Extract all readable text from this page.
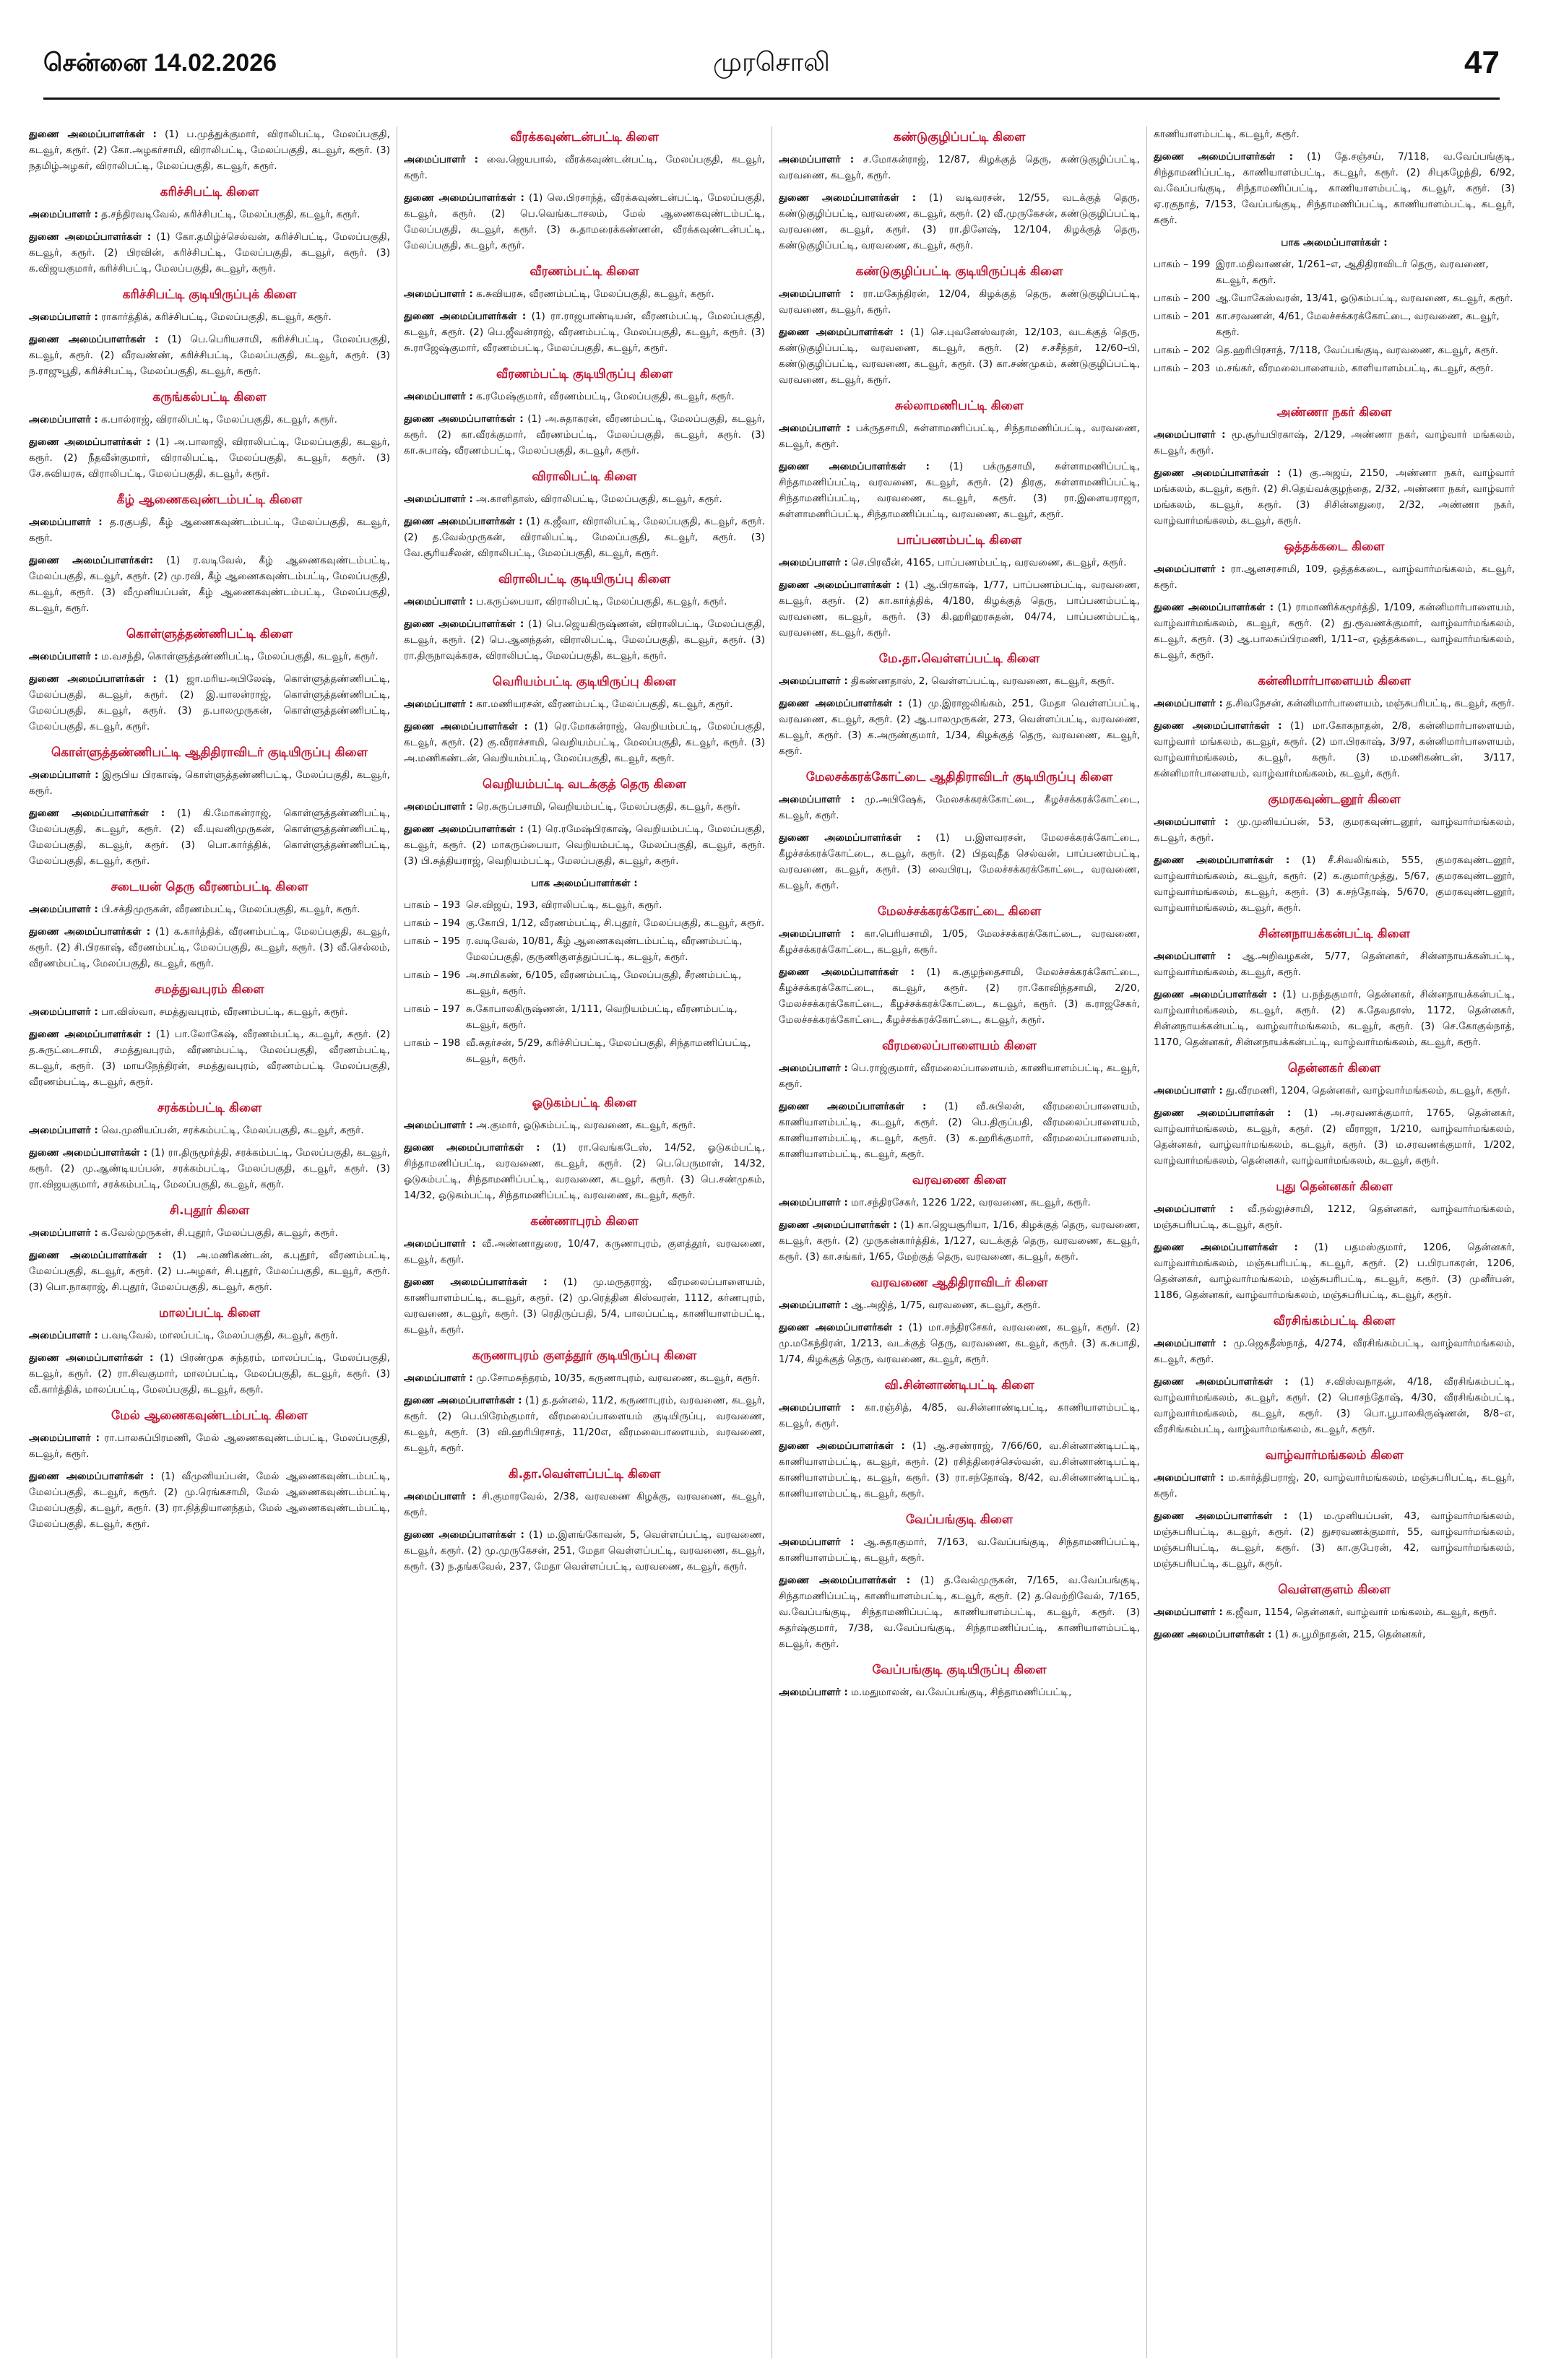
சென்னை 14.02.2026	முரசொலி	47
துணை அமைப்பாளர்கள் : (1) ப.முத்துக்குமார், விராலிபட்டி, மேலப்பகுதி, கடவூர், கரூர். (2) கோ.அழகர்சாமி, விராலிபட்டி, மேலப்பகுதி, கடவூர், கரூர். (3) நதமிழ்அழகர், விராலிபட்டி, மேலப்பகுதி, கடவூர், கரூர்.
கரிச்சிபட்டி கிளை
அமைப்பாளர் : த.சந்திரவடிவேல், கரிச்சிபட்டி, மேலப்பகுதி, கடவூர், கரூர்.
துணை அமைப்பாளர்கள் : (1) கோ.தமிழ்ச்செல்வன், கரிச்சிபட்டி, மேலப்பகுதி, கடவூர், கரூர். (2) பிரவின், கரிச்சிபட்டி, மேலப்பகுதி, கடவூர், கரூர். (3) க.விஜயகுமார், கரிச்சிபட்டி, மேலப்பகுதி, கடவூர், கரூர்.
கரிச்சிபட்டி குடியிருப்புக் கிளை
அமைப்பாளர் : ராகார்த்திக், கரிச்சிபட்டி, மேலப்பகுதி, கடவூர், கரூர்.
துணை அமைப்பாளர்கள் : (1) பெ.பெரியசாமி, கரிச்சிபட்டி, மேலப்பகுதி, கடவூர், கரூர். (2) வீரவண்ண், கரிச்சிபட்டி, மேலப்பகுதி, கடவூர், கரூர். (3) ந.ராஜுபூதி, கரிச்சிபட்டி, மேலப்பகுதி, கடவூர், கரூர்.
கருங்கல்பட்டி கிளை
அமைப்பாளர் : க.பால்ராஜ், விராலிபட்டி, மேலப்பகுதி, கடவூர், கரூர்.
துணை அமைப்பாளர்கள் : (1) அ.பாலாஜி, விராலிபட்டி, மேலப்பகுதி, கடவூர், கரூர். (2) நீதவீன்குமார், விராலிபட்டி, மேலப்பகுதி, கடவூர், கரூர். (3) சே.சுவியரசு, விராலிபட்டி, மேலப்பகுதி, கடவூர், கரூர்.
கீழ் ஆணைகவுண்டம்பட்டி கிளை
அமைப்பாளர் : த.ரகுபதி, கீழ் ஆணைகவுண்டம்பட்டி, மேலப்பகுதி, கடவூர், கரூர்.
துணை அமைப்பாளர்கள்: (1) ர.வடிவேல், கீழ் ஆணைகவுண்டம்பட்டி, மேலப்பகுதி, கடவூர், கரூர். (2) மு.ரவி, கீழ் ஆணைகவுண்டம்பட்டி, மேலப்பகுதி, கடவூர், கரூர். (3) வீமுனியப்பன், கீழ் ஆணைகவுண்டம்பட்டி, மேலப்பகுதி, கடவூர், கரூர்.
கொள்ளுத்தண்ணிபட்டி கிளை
அமைப்பாளர் : ம.வசந்தி, கொள்ளுத்தண்ணிபட்டி, மேலப்பகுதி, கடவூர், கரூர்.
துணை அமைப்பாளர்கள் : (1) ஜா.மரியஅபிலேஷ், கொள்ளுத்தண்ணிபட்டி, மேலப்பகுதி, கடவூர், கரூர். (2) இ.யாலன்ராஜ், கொள்ளுத்தண்ணிபட்டி, மேலப்பகுதி, கடவூர், கரூர். (3) த.பாலமுருகன், கொள்ளுத்தண்ணிபட்டி, மேலப்பகுதி, கடவூர், கரூர்.
கொள்ளுத்தண்ணிபட்டி ஆதிதிராவிடர் குடியிருப்பு கிளை
அமைப்பாளர் : இரூபிய பிரகாஷ், கொள்ளுத்தண்ணிபட்டி, மேலப்பகுதி, கடவூர், கரூர்.
துணை அமைப்பாளர்கள் : (1) கி.மோகன்ராஜ், கொள்ளுத்தண்ணிபட்டி, மேலப்பகுதி, கடவூர், கரூர். (2) வீ.யுவனிமுருகன், கொள்ளுத்தண்ணிபட்டி, மேலப்பகுதி, கடவூர், கரூர். (3) பொ.கார்த்திக், கொள்ளுத்தண்ணிபட்டி, மேலப்பகுதி, கடவூர், கரூர்.
சடையன் தெரு வீரணம்பட்டி கிளை
அமைப்பாளர் : பி.சக்திமுருகன், வீரணம்பட்டி, மேலப்பகுதி, கடவூர், கரூர்.
துணை அமைப்பாளர்கள் : (1) க.கார்த்திக், வீரணம்பட்டி, மேலப்பகுதி, கடவூர், கரூர். (2) சி.பிரகாஷ், வீரணம்பட்டி, மேலப்பகுதி, கடவூர், கரூர். (3) வீ.செல்லம், வீரணம்பட்டி, மேலப்பகுதி, கடவூர், கரூர்.
சமத்துவபுரம் கிளை
அமைப்பாளர் : பா.விஸ்வா, சமத்துவபுரம், வீரணம்பட்டி, கடவூர், கரூர்.
துணை அமைப்பாளர்கள் : (1) பா.லோகேஷ், வீரணம்பட்டி, கடவூர், கரூர். (2) த.சுருட்டைசாமி, சமத்துவபுரம், வீரணம்பட்டி, மேலப்பகுதி, வீரணம்பட்டி, கடவூர், கரூர். (3) மாயநேந்திரன், சமத்துவபுரம், வீரணம்பட்டி மேலப்பகுதி, வீரணம்பட்டி, கடவூர், கரூர்.
சரக்கம்பட்டி கிளை
அமைப்பாளர் : வெ.முனியப்பன், சரக்கம்பட்டி, மேலப்பகுதி, கடவூர், கரூர்.
துணை அமைப்பாளர்கள் : (1) ரா.திருமூர்த்தி, சரக்கம்பட்டி, மேலப்பகுதி, கடவூர், கரூர். (2) மு.ஆண்டியப்பன், சரக்கம்பட்டி, மேலப்பகுதி, கடவூர், கரூர். (3) ரா.விஜயகுமார், சரக்கம்பட்டி, மேலப்பகுதி, கடவூர், கரூர்.
சி.புதூர் கிளை
அமைப்பாளர் : க.வேல்முருகன், சி.புதூர், மேலப்பகுதி, கடவூர், கரூர்.
துணை அமைப்பாளர்கள் : (1) அ.மணிகண்டன், க.புதூர், வீரணம்பட்டி, மேலப்பகுதி, கடவூர், கரூர். (2) ப.அழகர், சி.புதூர், மேலப்பகுதி, கடவூர், கரூர். (3) பொ.நாகராஜ், சி.புதூர், மேலப்பகுதி, கடவூர், கரூர்.
மாலப்பட்டி கிளை
அமைப்பாளர் : ப.வடிவேல், மாலப்பட்டி, மேலப்பகுதி, கடவூர், கரூர்.
துணை அமைப்பாளர்கள் : (1) பிரண்முக சுந்தரம், மாலப்பட்டி, மேலப்பகுதி, கடவூர், கரூர். (2) ரா.சிவகுமார், மாலப்பட்டி, மேலப்பகுதி, கடவூர், கரூர். (3) வீ.கார்த்திக், மாலப்பட்டி, மேலப்பகுதி, கடவூர், கரூர்.
மேல் ஆணைகவுண்டம்பட்டி கிளை
அமைப்பாளர் : ரா.பாலசுப்பிரமணி, மேல் ஆணைகவுண்டம்பட்டி, மேலப்பகுதி, கடவூர், கரூர்.
துணை அமைப்பாளர்கள் : (1) வீமுனியப்பன், மேல் ஆணைகவுண்டம்பட்டி, மேலப்பகுதி, கடவூர், கரூர். (2) மு.ரெங்கசாமி, மேல் ஆணைகவுண்டம்பட்டி, மேலப்பகுதி, கடவூர், கரூர். (3) ரா.நித்தியானந்தம், மேல் ஆணைகவுண்டம்பட்டி, மேலப்பகுதி, கடவூர், கரூர்.
வீரக்கவுண்டன்பட்டி கிளை
அமைப்பாளர் : வை.ஜெயபால், வீரக்கவுண்டன்பட்டி, மேலப்பகுதி, கடவூர், கரூர்.
துணை அமைப்பாளர்கள் : (1) லெ.பிரசாந்த், வீரக்கவுண்டன்பட்டி, மேலப்பகுதி, கடவூர், கரூர். (2) பெ.வெங்கடாசலம், மேல் ஆணைகவுண்டம்பட்டி, மேலப்பகுதி, கடவூர், கரூர். (3) சு.தாமரைக்கண்ணன், வீரக்கவுண்டன்பட்டி, மேலப்பகுதி, கடவூர், கரூர்.
வீரணம்பட்டி கிளை
அமைப்பாளர் : க.சுவியரசு, வீரணம்பட்டி, மேலப்பகுதி, கடவூர், கரூர்.
துணை அமைப்பாளர்கள் : (1) ரா.ராஜபாண்டியன், வீரணம்பட்டி, மேலப்பகுதி, கடவூர், கரூர். (2) பெ.ஜீவன்ராஜ், வீரணம்பட்டி, மேலப்பகுதி, கடவூர், கரூர். (3) சு.ராஜேஷ்குமார், வீரணம்பட்டி, மேலப்பகுதி, கடவூர், கரூர்.
வீரணம்பட்டி குடியிருப்பு கிளை
அமைப்பாளர் : க.ரமேஷ்குமார், வீரணம்பட்டி, மேலப்பகுதி, கடவூர், கரூர்.
துணை அமைப்பாளர்கள் : (1) அ.சுதாகரன், வீரணம்பட்டி, மேலப்பகுதி, கடவூர், கரூர். (2) கா.வீரக்குமார், வீரணம்பட்டி, மேலப்பகுதி, கடவூர், கரூர். (3) கா.சுபாஷ், வீரணம்பட்டி, மேலப்பகுதி, கடவூர், கரூர்.
விராலிபட்டி கிளை
அமைப்பாளர் : அ.காளிதாஸ், விராலிபட்டி, மேலப்பகுதி, கடவூர், கரூர்.
துணை அமைப்பாளர்கள் : (1) க.ஜீவா, விராலிபட்டி, மேலப்பகுதி, கடவூர், கரூர். (2) த.வேல்முருகன், விராலிபட்டி, மேலப்பகுதி, கடவூர், கரூர். (3) வே.சூரியசீலன், விராலிபட்டி, மேலப்பகுதி, கடவூர், கரூர்.
விராலிபட்டி குடியிருப்பு கிளை
அமைப்பாளர் : ப.கருப்பையா, விராலிபட்டி, மேலப்பகுதி, கடவூர், கரூர்.
துணை அமைப்பாளர்கள் : (1) பெ.ஜெயகிருஷ்ணன், விராலிபட்டி, மேலப்பகுதி, கடவூர், கரூர். (2) பெ.ஆனந்தன், விராலிபட்டி, மேலப்பகுதி, கடவூர், கரூர். (3) ரா.திருநாவுக்கரசு, விராலிபட்டி, மேலப்பகுதி, கடவூர், கரூர்.
வெரியம்பட்டி குடியிருப்பு கிளை
அமைப்பாளர் : கா.மணியரசன், வீரணம்பட்டி, மேலப்பகுதி, கடவூர், கரூர்.
துணை அமைப்பாளர்கள் : (1) ரெ.மோகன்ராஜ், வெறியம்பட்டி, மேலப்பகுதி, கடவூர், கரூர். (2) கு.வீராச்சாமி, வெறியம்பட்டி, மேலப்பகுதி, கடவூர், கரூர். (3) அ.மணிகண்டன், வெறியம்பட்டி, மேலப்பகுதி, கடவூர், கரூர்.
வெறியம்பட்டி வடக்குத் தெரு கிளை
அமைப்பாளர் : ரெ.சுருப்பசாமி, வெறியம்பட்டி, மேலப்பகுதி, கடவூர், கரூர்.
துணை அமைப்பாளர்கள் : (1) ரெ.ரமேஷ்பிரகாஷ், வெறியம்பட்டி, மேலப்பகுதி, கடவூர், கரூர். (2) மாகருப்பையா, வெறியம்பட்டி, மேலப்பகுதி, கடவூர், கரூர். (3) பி.சுத்தியராஜ், வெறியம்பட்டி, மேலப்பகுதி, கடவூர், கரூர்.
பாக அமைப்பாளர்கள் :
பாகம் – 193 செ.விஜய், 193, விராலிபட்டி, கடவூர், கரூர்.
பாகம் – 194 கு.கோபி, 1/12, வீரணம்பட்டி, சி.புதூர், மேலப்பகுதி, கடவூர், கரூர்.
பாகம் – 195 ர.வடிவேல், 10/81, கீழ் ஆணைகவுண்டம்பட்டி, வீரணம்பட்டி, மேலப்பகுதி, குருணிகுளத்துப்பட்டி, கடவூர், கரூர்.
பாகம் – 196 அ.சாமிகண், 6/105, வீரணம்பட்டி, மேலப்பகுதி, சீரணம்பட்டி, கடவூர், கரூர்.
பாகம் – 197 சு.கோபாலகிருஷ்ணன், 1/111, வெறியம்பட்டி, வீரணம்பட்டி, கடவூர், கரூர்.
பாகம் – 198 வீ.சுதர்சன், 5/29, கரிச்சிப்பட்டி, மேலப்பகுதி, சிந்தாமணிப்பட்டி, கடவூர், கரூர்.
ஓடுகம்பட்டி கிளை
அமைப்பாளர் : அ.குமார், ஓடுகம்பட்டி, வரவணை, கடவூர், கரூர்.
துணை அமைப்பாளர்கள் : (1) ரா.வெங்கடேஸ், 14/52, ஓடுகம்பட்டி, சிந்தாமணிப்பட்டி, வரவணை, கடவூர், கரூர். (2) பெ.பெருமாள், 14/32, ஓடுகம்பட்டி, சிந்தாமணிப்பட்டி, வரவணை, கடவூர், கரூர். (3) பெ.சண்முகம், 14/32, ஓடுகம்பட்டி, சிந்தாமணிப்பட்டி, வரவணை, கடவூர், கரூர்.
கண்ணாபுரம் கிளை
அமைப்பாளர் : வீ.அண்ணாதுரை, 10/47, கருணாபுரம், குளத்தூர், வரவணை, கடவூர், கரூர்.
துணை அமைப்பாளர்கள் : (1) மு.மருதராஜ், வீரமலைப்பாளையம், காணியாளம்பட்டி, கடவூர், கரூர். (2) மு.ரெத்தின கிஸ்வரன், 1112, கர்ணபுரம், வரவணை, கடவூர், கரூர். (3) ரெதிருப்பதி, 5/4, பாலப்பட்டி, காணியாளம்பட்டி, கடவூர், கரூர்.
கருணாபுரம் குளத்தூர் குடியிருப்பு கிளை
அமைப்பாளர் : மு.சோமசுந்தரம், 10/35, கருணாபுரம், வரவணை, கடவூர், கரூர்.
துணை அமைப்பாளர்கள் : (1) த.தன்னல், 11/2, கருணாபுரம், வரவணை, கடவூர், கரூர். (2) பெ.பிரேம்குமார், வீரமலைப்பாளையம் குடியிருப்பு, வரவணை, கடவூர், கரூர். (3) வி.ஹரிபிரசாத், 11/20எ, வீரமலைபாளையம், வரவணை, கடவூர், கரூர்.
கி.தா.வெள்ளப்பட்டி கிளை
அமைப்பாளர் : சி.குமாரவேல், 2/38, வரவணை கிழக்கு, வரவணை, கடவூர், கரூர்.
துணை அமைப்பாளர்கள் : (1) ம.இளங்கோவன், 5, வெள்ளப்பட்டி, வரவணை, கடவூர், கரூர். (2) மு.முருகேசன், 251, மேதா வெள்ளப்பட்டி, வரவணை, கடவூர், கரூர். (3) ந.தங்கவேல், 237, மேதா வெள்ளப்பட்டி, வரவணை, கடவூர், கரூர்.
கண்டுகுழிப்பட்டி கிளை
அமைப்பாளர் : ச.மோகன்ராஜ், 12/87, கிழக்குத் தெரு, கண்டுகுழிப்பட்டி, வரவணை, கடவூர், கரூர்.
துணை அமைப்பாளர்கள் : (1) வடிவரசன், 12/55, வடக்குத் தெரு, கண்டுகுழிப்பட்டி, வரவணை, கடவூர், கரூர். (2) வீ.முருகேசன், கண்டுகுழிப்பட்டி, வரவணை, கடவூர், கரூர். (3) ரா.தினேஷ், 12/104, கிழக்குத் தெரு, கண்டுகுழிப்பட்டி, வரவணை, கடவூர், கரூர்.
கண்டுகுழிப்பட்டி குடியிருப்புக் கிளை
அமைப்பாளர் : ரா.மகேந்திரன், 12/04, கிழக்குத் தெரு, கண்டுகுழிப்பட்டி, வரவணை, கடவூர், கரூர்.
துணை அமைப்பாளர்கள் : (1) செ.புவனேஸ்வரன், 12/103, வடக்குத் தெரு, கண்டுகுழிப்பட்டி, வரவணை, கடவூர், கரூர். (2) ச.சசீந்தர், 12/60–பி, கண்டுகுழிப்பட்டி, வரவணை, கடவூர், கரூர். (3) கா.சண்முகம், கண்டுகுழிப்பட்டி, வரவணை, கடவூர், கரூர்.
சுல்லாமணிபட்டி கிளை
அமைப்பாளர் : பக்ருதசாமி, சுள்ளாமணிப்பட்டி, சிந்தாமணிப்பட்டி, வரவணை, கடவூர், கரூர்.
துணை அமைப்பாளர்கள் : (1) பக்ருதசாமி, சுள்ளாமணிப்பட்டி, சிந்தாமணிப்பட்டி, வரவணை, கடவூர், கரூர். (2) திரகு, சுள்ளாமணிப்பட்டி, சிந்தாமணிப்பட்டி, வரவணை, கடவூர், கரூர். (3) ரா.இளையராஜா, சுள்ளாமணிப்பட்டி, சிந்தாமணிப்பட்டி, வரவணை, கடவூர், கரூர்.
பாப்பணம்பட்டி கிளை
அமைப்பாளர் : செ.பிரவீன், 4165, பாப்பணம்பட்டி, வரவணை, கடவூர், கரூர்.
துணை அமைப்பாளர்கள் : (1) ஆ.பிரகாஷ், 1/77, பாப்பணம்பட்டி, வரவணை, கடவூர், கரூர். (2) கா.கார்த்திக், 4/180, கிழக்குத் தெரு, பாப்பணம்பட்டி, வரவணை, கடவூர், கரூர். (3) கி.ஹரிஹரசுதன், 04/74, பாப்பணம்பட்டி, வரவணை, கடவூர், கரூர்.
மே.தா.வெள்ளப்பட்டி கிளை
அமைப்பாளர் : திகண்ணதாஸ், 2, வெள்ளப்பட்டி, வரவணை, கடவூர், கரூர்.
துணை அமைப்பாளர்கள் : (1) மு.இராஜலிங்கம், 251, மேதா வெள்ளப்பட்டி, வரவணை, கடவூர், கரூர். (2) ஆ.பாலமுருகன், 273, வெள்ளப்பட்டி, வரவணை, கடவூர், கரூர். (3) க.அருண்குமார், 1/34, கிழக்குத் தெரு, வரவணை, கடவூர், கரூர்.
மேலசக்கரக்கோட்டை ஆதிதிராவிடர் குடியிருப்பு கிளை
அமைப்பாளர் : மு.அபிஷேக், மேலசக்கரக்கோட்டை, கீழச்சக்கரக்கோட்டை, கடவூர், கரூர்.
துணை அமைப்பாளர்கள் : (1) ப.இளவரசன், மேலசக்கரக்கோட்டை, கீழச்சக்கரக்கோட்டை, கடவூர், கரூர். (2) பிதவுதீத செல்வன், பாப்பணம்பட்டி, வரவணை, கடவூர், கரூர். (3) வைபிரபு, மேலச்சக்கரக்கோட்டை, வரவணை, கடவூர், கரூர்.
மேலச்சக்கரக்கோட்டை கிளை
அமைப்பாளர் : கா.பெரியசாமி, 1/05, மேலச்சக்கரக்கோட்டை, வரவணை, கீழச்சக்கரக்கோட்டை, கடவூர், கரூர்.
துணை அமைப்பாளர்கள் : (1) க.குழந்தைசாமி, மேலச்சக்கரக்கோட்டை, கீழச்சக்கரக்கோட்டை, கடவூர், கரூர். (2) ரா.கோவிந்தசாமி, 2/20, மேலச்சக்கரக்கோட்டை, கீழச்சக்கரக்கோட்டை, கடவூர், கரூர். (3) க.ராஜசேகர், மேலச்சக்கரக்கோட்டை, கீழச்சக்கரக்கோட்டை, கடவூர், கரூர்.
வீரமலைப்பாளையம் கிளை
அமைப்பாளர் : பெ.ராஜ்குமார், வீரமலைப்பாளையம், காணியாளம்பட்டி, கடவூர், கரூர்.
துணை அமைப்பாளர்கள் : (1) வீ.சுபிலன், வீரமலைப்பாளையம், காணியாளம்பட்டி, கடவூர், கரூர். (2) பெ.திருப்பதி, வீரமலைப்பாளையம், காணியாளம்பட்டி, கடவூர், கரூர். (3) க.ஹரிக்குமார், வீரமலைப்பாளையம், காணியாளம்பட்டி, கடவூர், கரூர்.
வரவணை கிளை
அமைப்பாளர் : மா.சந்திரசேகர், 1226 1/22, வரவணை, கடவூர், கரூர்.
துணை அமைப்பாளர்கள் : (1) கா.ஜெயசூரியா, 1/16, கிழக்குத் தெரு, வரவணை, கடவூர், கரூர். (2) முருகன்கார்த்திக், 1/127, வடக்குத் தெரு, வரவணை, கடவூர், கரூர். (3) கா.சங்கர், 1/65, மேற்குத் தெரு, வரவணை, கடவூர், கரூர்.
வரவணை ஆதிதிராவிடர் கிளை
அமைப்பாளர் : ஆ.அஜித், 1/75, வரவணை, கடவூர், கரூர்.
துணை அமைப்பாளர்கள் : (1) மா.சந்திரசேகர், வரவணை, கடவூர், கரூர். (2) மு.மகேந்திரன், 1/213, வடக்குத் தெரு, வரவணை, கடவூர், கரூர். (3) க.சுபாதி, 1/74, கிழக்குத் தெரு, வரவணை, கடவூர், கரூர்.
வி.சின்னாண்டிபட்டி கிளை
அமைப்பாளர் : கா.ரஞ்சித், 4/85, வ.சின்னாண்டிபட்டி, காணியாளம்பட்டி, கடவூர், கரூர்.
துணை அமைப்பாளர்கள் : (1) ஆ.சரண்ராஜ், 7/66/60, வ.சின்னாண்டிபட்டி, காணியாளம்பட்டி, கடவூர், கரூர். (2) ரசித்திரைச்செல்வன், வ.சின்னாண்டிபட்டி, காணியாளம்பட்டி, கடவூர், கரூர். (3) ரா.சந்தோஷ், 8/42, வ.சின்னாண்டிபட்டி, காணியாளம்பட்டி, கடவூர், கரூர்.
வேப்பங்குடி கிளை
அமைப்பாளர் : ஆ.சுதாகுமார், 7/163, வ.வேப்பங்குடி, சிந்தாமணிப்பட்டி, காணியாளம்பட்டி, கடவூர், கரூர்.
துணை அமைப்பாளர்கள் : (1) த.வேல்முருகன், 7/165, வ.வேப்பங்குடி, சிந்தாமணிப்பட்டி, காணியாளம்பட்டி, கடவூர், கரூர். (2) த.வெற்றிவேல், 7/165, வ.வேப்பங்குடி, சிந்தாமணிப்பட்டி, காணியாளம்பட்டி, கடவூர், கரூர். (3) சுதர்ஷ்குமார், 7/38, வ.வேப்பங்குடி, சிந்தாமணிப்பட்டி, காணியாளம்பட்டி, கடவூர், கரூர்.
வேப்பங்குடி குடியிருப்பு கிளை
அமைப்பாளர் : ம.மதுமாலன், வ.வேப்பங்குடி, சிந்தாமணிப்பட்டி,
காணியாளம்பட்டி, கடவூர், கரூர்.
துணை அமைப்பாளர்கள் : (1) தே.சஞ்சய், 7/118, வ.வேப்பங்குடி, சிந்தாமணிப்பட்டி, காணியாளம்பட்டி, கடவூர், கரூர். (2) சிபுகழேந்தி, 6/92, வ.வேப்பங்குடி, சிந்தாமணிப்பட்டி, காணியாளம்பட்டி, கடவூர், கரூர். (3) ஏ.ரகுநாத், 7/153, வேப்பங்குடி, சிந்தாமணிப்பட்டி, காணியாளம்பட்டி, கடவூர், கரூர்.
பாக அமைப்பாளர்கள் :
பாகம் – 199 இரா.மதிவாணன், 1/261–எ, ஆதிதிராவிடர் தெரு, வரவணை, கடவூர், கரூர்.
பாகம் – 200 ஆ.யோகேஸ்வரன், 13/41, ஓடுகம்பட்டி, வரவணை, கடவூர், கரூர்.
பாகம் – 201 கா.சரவணன், 4/61, மேலச்சக்கரக்கோட்டை, வரவணை, கடவூர், கரூர்.
பாகம் – 202 தெ.ஹரிபிரசாத், 7/118, வேப்பங்குடி, வரவணை, கடவூர், கரூர்.
பாகம் – 203 ம.சங்கர், வீரமலைபாளையம், காளியாளம்பட்டி, கடவூர், கரூர்.
அண்ணா நகர் கிளை
அமைப்பாளர் : மூ.சூர்யபிரகாஷ், 2/129, அண்ணா நகர், வாழ்வார் மங்கலம், கடவூர், கரூர்.
துணை அமைப்பாளர்கள் : (1) கு.அஜய், 2150, அண்ணா நகர், வாழ்வார் மங்கலம், கடவூர், கரூர். (2) சி.தெய்வக்குழந்தை, 2/32, அண்ணா நகர், வாழ்வார் மங்கலம், கடவூர், கரூர். (3) சிசின்னதுரை, 2/32, அண்ணா நகர், வாழ்வார்மங்கலம், கடவூர், கரூர்.
ஒத்தக்கடை கிளை
அமைப்பாளர் : ரா.ஆனசரசாமி, 109, ஒத்தக்கடை, வாழ்வார்மங்கலம், கடவூர், கரூர்.
துணை அமைப்பாளர்கள் : (1) ராமாணிக்கமூர்த்தி, 1/109, கன்னிமார்பாளையம், வாழ்வார்மங்கலம், கடவூர், கரூர். (2) து.ரூவணக்குமார், வாழ்வார்மங்கலம், கடவூர், கரூர். (3) ஆ.பாலசுப்பிரமணி, 1/11–எ, ஒத்தக்கடை, வாழ்வார்மங்கலம், கடவூர், கரூர்.
கன்னிமார்பாளையம் கிளை
அமைப்பாளர் : த.சிவநேசன், கன்னிமார்பாளையம், மஞ்சுபரிபட்டி, கடவூர், கரூர்.
துணை அமைப்பாளர்கள் : (1) மா.கோகநாதன், 2/8, கன்னிமார்பாளையம், வாழ்வார் மங்கலம், கடவூர், கரூர். (2) மா.பிரகாஷ், 3/97, கன்னிமார்பாளையம், வாழ்வார்மங்கலம், கடவூர், கரூர். (3) ம.மணிகண்டன், 3/117, கன்னிமார்பாளையம், வாழ்வார்மங்கலம், கடவூர், கரூர்.
குமரகவுண்டனூர் கிளை
அமைப்பாளர் : மு.முனியப்பன், 53, குமரகவுண்டனூர், வாழ்வார்மங்கலம், கடவூர், கரூர்.
துணை அமைப்பாளர்கள் : (1) சீ.சிவலிங்கம், 555, குமரகவுண்டனூர், வாழ்வார்மங்கலம், கடவூர், கரூர். (2) க.குமார்முத்து, 5/67, குமரகவுண்டனூர், வாழ்வார்மங்கலம், கடவூர், கரூர். (3) க.சந்தோஷ், 5/670, குமரகவுண்டனூர், வாழ்வார்மங்கலம், கடவூர், கரூர்.
சின்னநாயக்கன்பட்டி கிளை
அமைப்பாளர் : ஆ.அறிவழகன், 5/77, தென்னகர், சின்னநாயக்கன்பட்டி, வாழ்வார்மங்கலம், கடவூர், கரூர்.
துணை அமைப்பாளர்கள் : (1) ப.நந்தகுமார், தென்னகர், சின்னநாயக்கன்பட்டி, வாழ்வார்மங்கலம், கடவூர், கரூர். (2) க.தேவதாஸ், 1172, தென்னகர், சின்னநாயக்கன்பட்டி, வாழ்வார்மங்கலம், கடவூர், கரூர். (3) செ.கோகுல்நாத், 1170, தென்னகர், சின்னநாயக்கன்பட்டி, வாழ்வார்மங்கலம், கடவூர், கரூர்.
தென்னகர் கிளை
அமைப்பாளர் : து.வீரமணி, 1204, தென்னகர், வாழ்வார்மங்கலம், கடவூர், கரூர்.
துணை அமைப்பாளர்கள் : (1) அ.சரவணக்குமார், 1765, தென்னகர், வாழ்வார்மங்கலம், கடவூர், கரூர். (2) வீராஜா, 1/210, வாழ்வார்மங்கலம், தென்னகர், வாழ்வார்மங்கலம், கடவூர், கரூர். (3) ம.சரவணக்குமார், 1/202, வாழ்வார்மங்கலம், தென்னகர், வாழ்வார்மங்கலம், கடவூர், கரூர்.
புது தென்னகர் கிளை
அமைப்பாளர் : வீ.நல்லுச்சாமி, 1212, தென்னகர், வாழ்வார்மங்கலம், மஞ்சுபரிபட்டி, கடவூர், கரூர்.
துணை அமைப்பாளர்கள் : (1) பதமஸ்குமார், 1206, தென்னகர், வாழ்வார்மங்கலம், மஞ்சுபரிபட்டி, கடவூர், கரூர். (2) ப.பிரபாகரன், 1206, தென்னகர், வாழ்வார்மங்கலம், மஞ்சுபரிபட்டி, கடவூர், கரூர். (3) முனீர்பன், 1186, தென்னகர், வாழ்வார்மங்கலம், மஞ்சுபரிபட்டி, கடவூர், கரூர்.
வீரசிங்கம்பட்டி கிளை
அமைப்பாளர் : மு.ஜெகதீஸ்நாத், 4/274, வீரசிங்கம்பட்டி, வாழ்வார்மங்கலம், கடவூர், கரூர்.
துணை அமைப்பாளர்கள் : (1) ச.விஸ்வநாதன், 4/18, வீரசிங்கம்பட்டி, வாழ்வார்மங்கலம், கடவூர், கரூர். (2) பொசந்தோஷ், 4/30, வீரசிங்கம்பட்டி, வாழ்வார்மங்கலம், கடவூர், கரூர். (3) பொ.பூபாலகிருஷ்ணன், 8/8–எ, வீரசிங்கம்பட்டி, வாழ்வார்மங்கலம், கடவூர், கரூர்.
வாழ்வார்மங்கலம் கிளை
அமைப்பாளர் : ம.கார்த்திபராஜ், 20, வாழ்வார்மங்கலம், மஞ்சுபரிபட்டி, கடவூர், கரூர்.
துணை அமைப்பாளர்கள் : (1) ம.முனியப்பன், 43, வாழ்வார்மங்கலம், மஞ்சுபரிபட்டி, கடவூர், கரூர். (2) துசரவணக்குமார், 55, வாழ்வார்மங்கலம், மஞ்சுபரிபட்டி, கடவூர், கரூர். (3) கா.குபேரன், 42, வாழ்வார்மங்கலம், மஞ்சுபரிபட்டி, கடவூர், கரூர்.
வெள்ளகுளம் கிளை
அமைப்பாளர் : க.ஜீவா, 1154, தென்னகர், வாழ்வார் மங்கலம், கடவூர், கரூர்.
துணை அமைப்பாளர்கள் : (1) சு.பூமிநாதன், 215, தென்னகர்,
